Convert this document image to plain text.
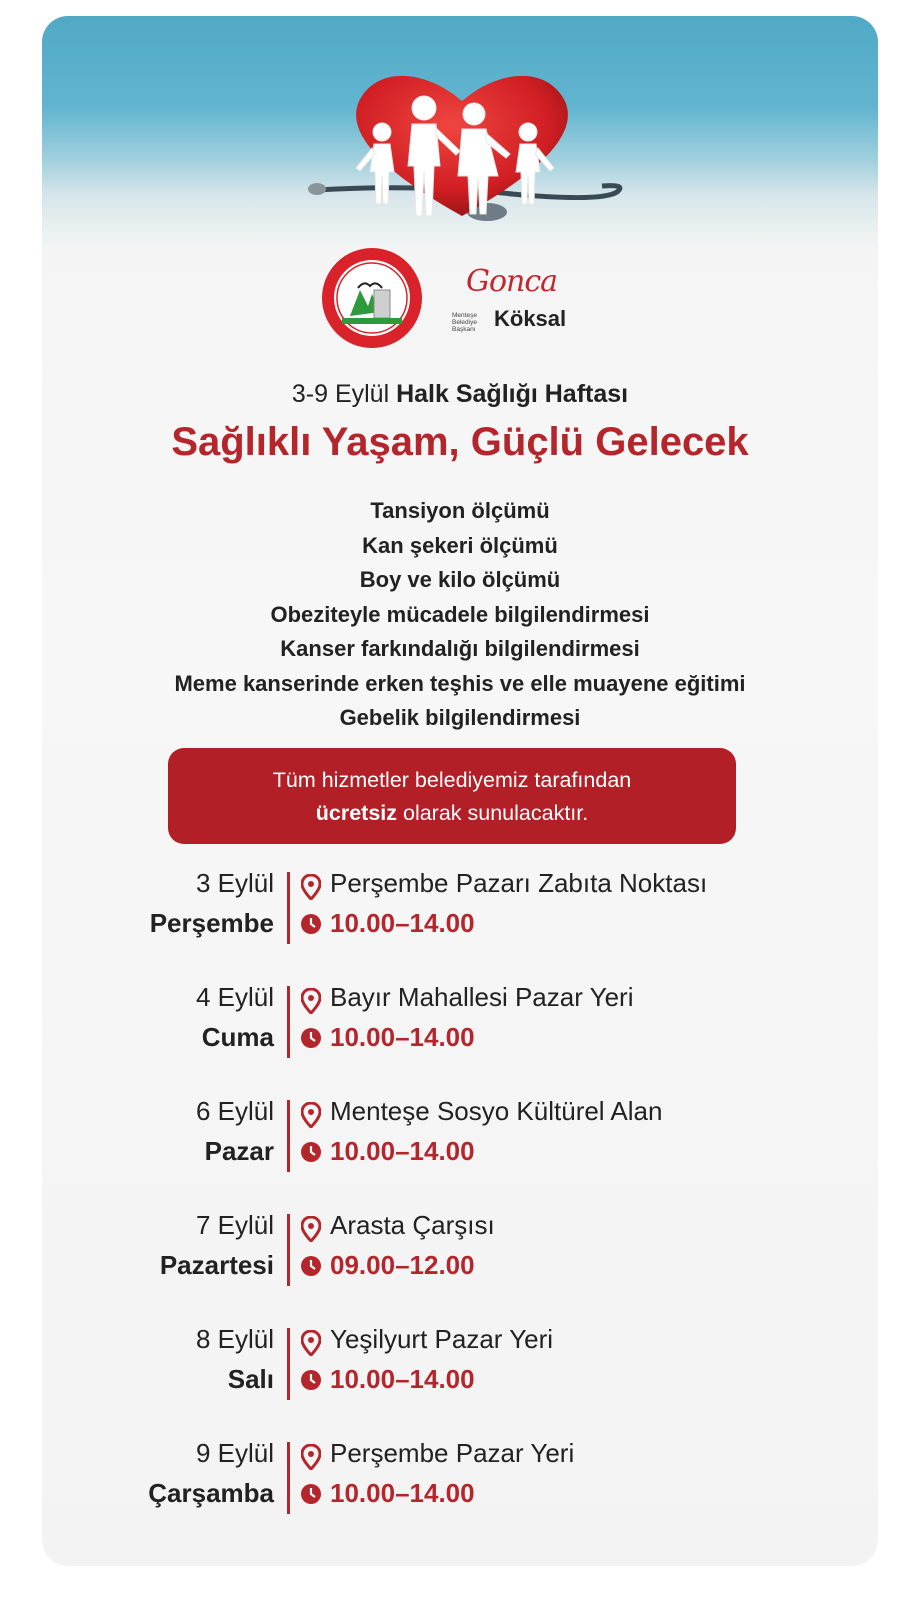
Gonca
Menteşe Belediye Başkanı Köksal
3-9 Eylül Halk Sağlığı Haftası
Sağlıklı Yaşam, Güçlü Gelecek
Tansiyon ölçümü
Kan şekeri ölçümü
Boy ve kilo ölçümü
Obeziteyle mücadele bilgilendirmesi
Kanser farkındalığı bilgilendirmesi
Meme kanserinde erken teşhis ve elle muayene eğitimi
Gebelik bilgilendirmesi
Tüm hizmetler belediyemiz tarafından
ücretsiz olarak sunulacaktır.
3 Eylül
Perşembe
Perşembe Pazarı Zabıta Noktası
10.00–14.00
4 Eylül
Cuma
Bayır Mahallesi Pazar Yeri
10.00–14.00
6 Eylül
Pazar
Menteşe Sosyo Kültürel Alan
10.00–14.00
7 Eylül
Pazartesi
Arasta Çarşısı
09.00–12.00
8 Eylül
Salı
Yeşilyurt Pazar Yeri
10.00–14.00
9 Eylül
Çarşamba
Perşembe Pazar Yeri
10.00–14.00
